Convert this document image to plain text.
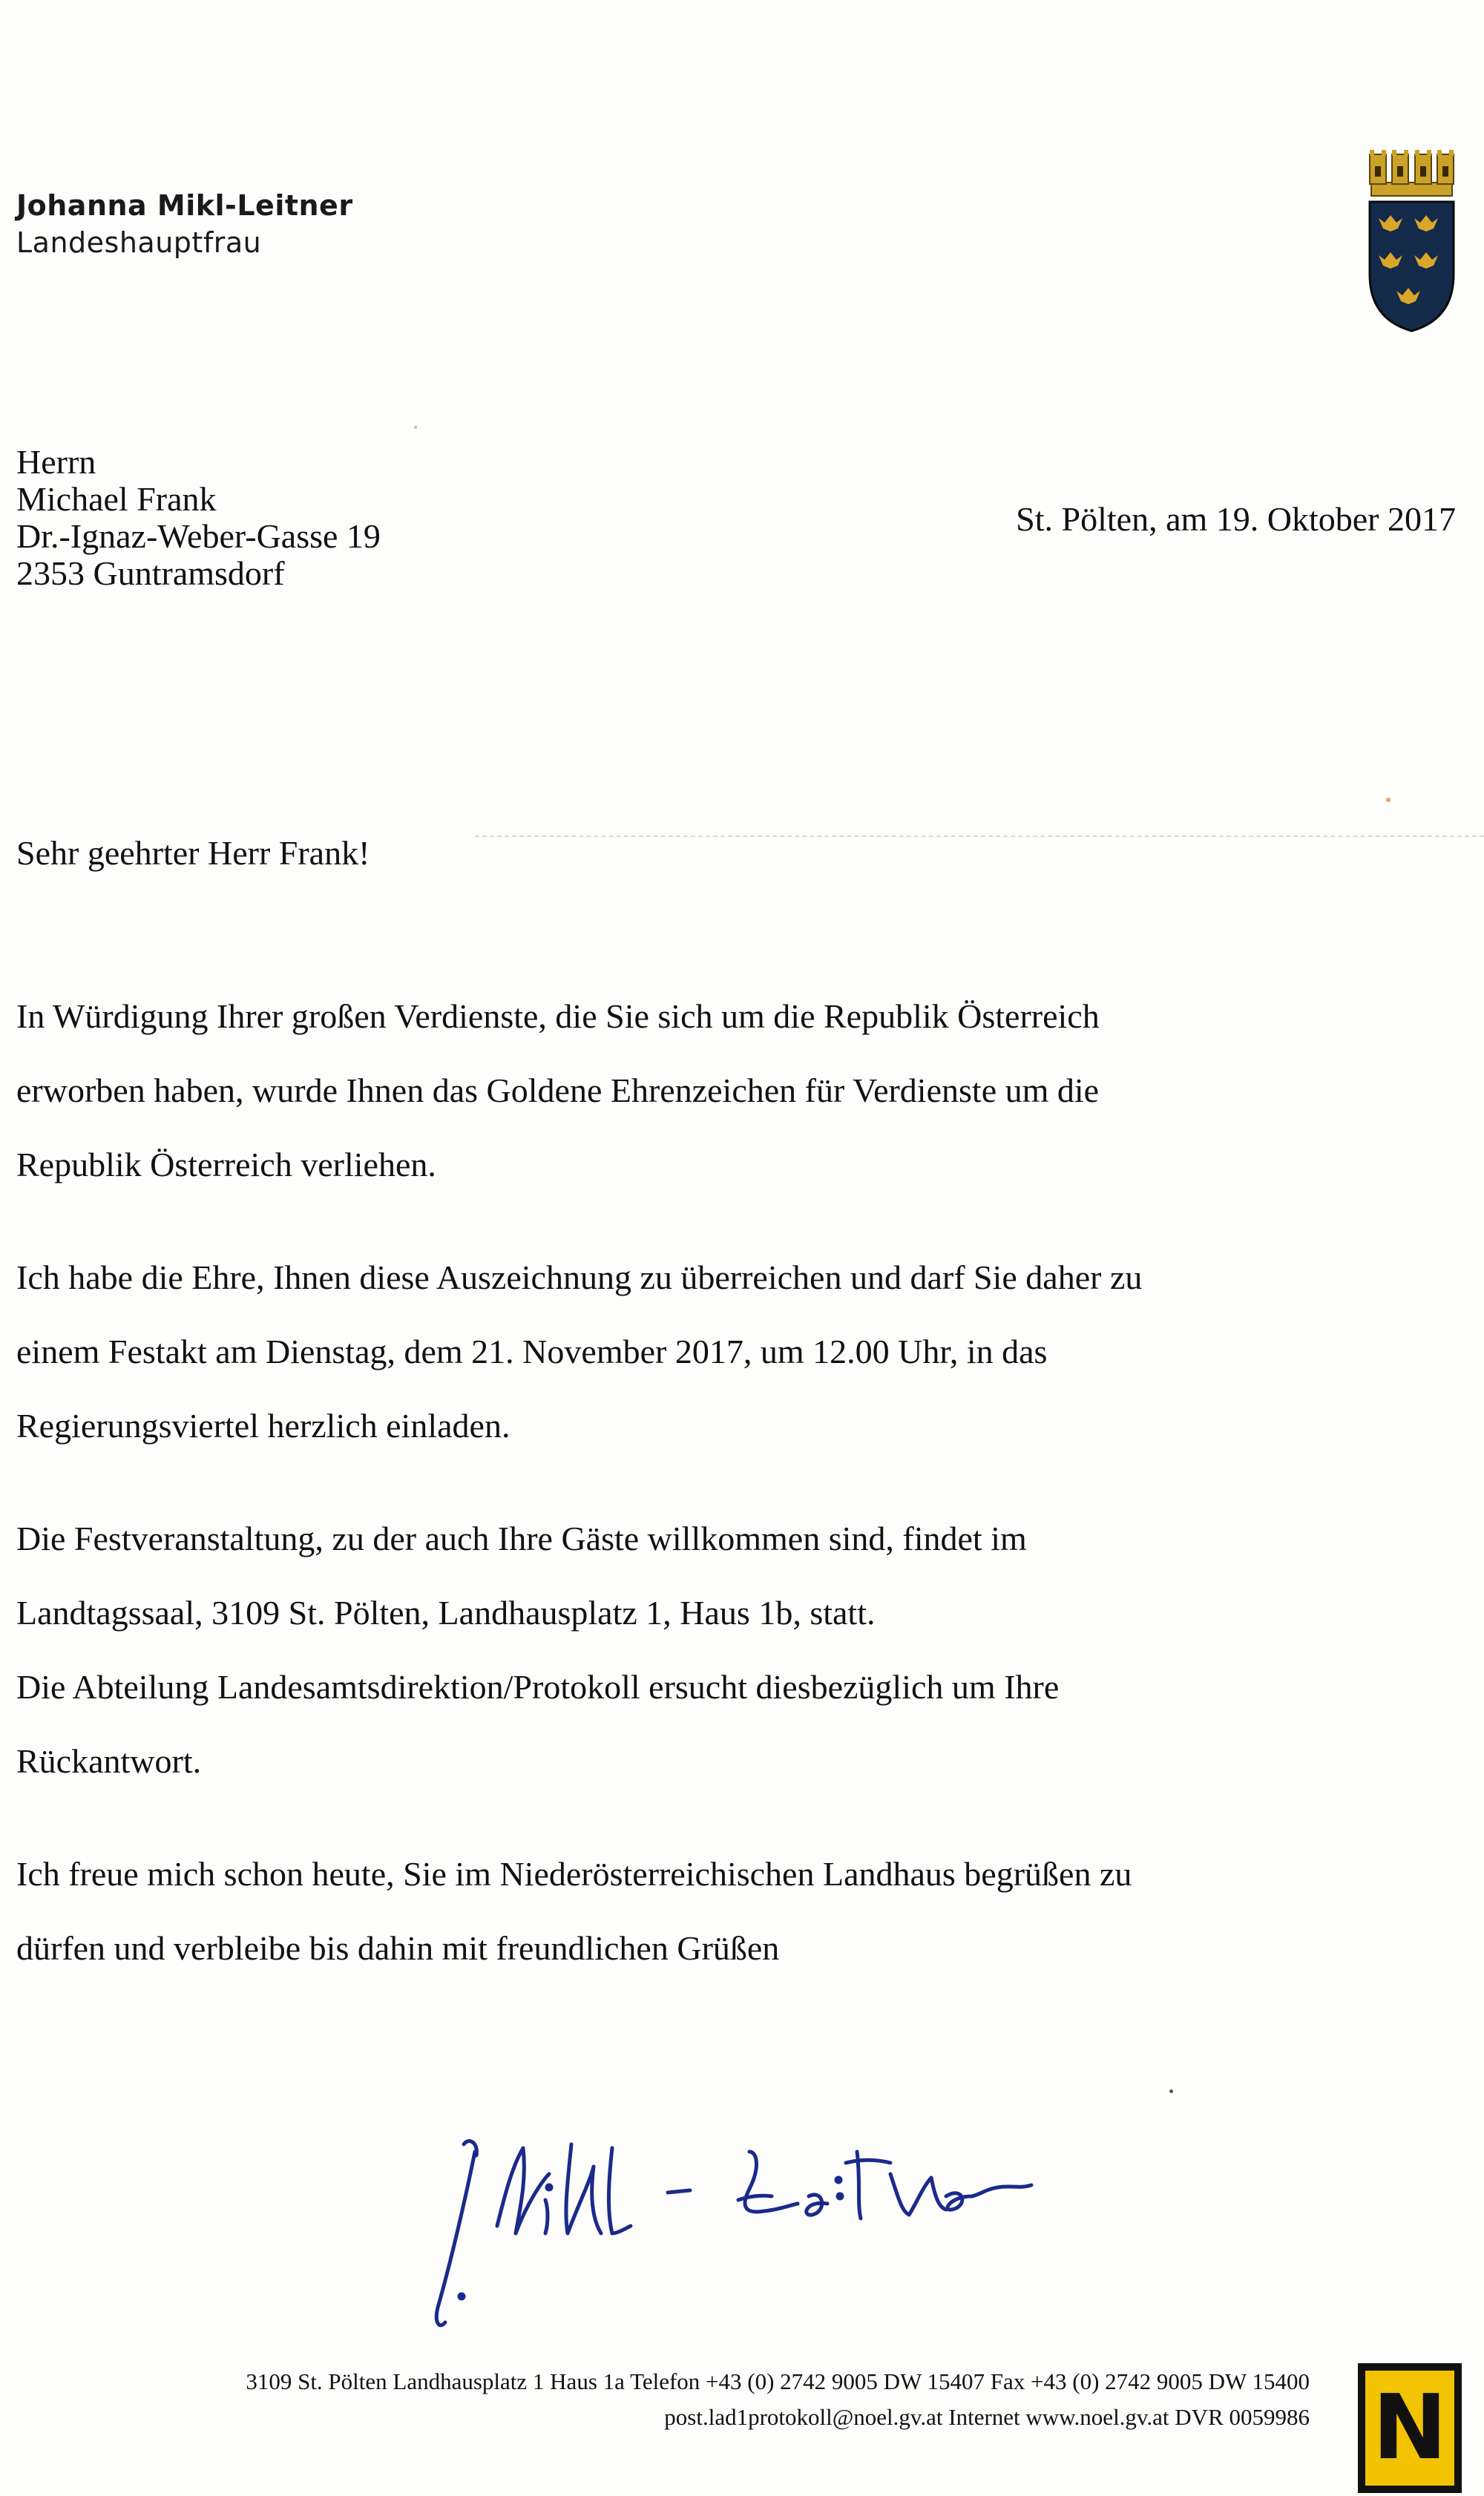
Johanna Mikl-Leitner
Landeshauptfrau
Herrn
Michael Frank
Dr.-Ignaz-Weber-Gasse 19
2353 Guntramsdorf
St. Pölten, am 19. Oktober 2017
Sehr geehrter Herr Frank!
In Würdigung Ihrer großen Verdienste, die Sie sich um die Republik Österreich
erworben haben, wurde Ihnen das Goldene Ehrenzeichen für Verdienste um die
Republik Österreich verliehen.
Ich habe die Ehre, Ihnen diese Auszeichnung zu überreichen und darf Sie daher zu
einem Festakt am Dienstag, dem 21. November 2017, um 12.00 Uhr, in das
Regierungsviertel herzlich einladen.
Die Festveranstaltung, zu der auch Ihre Gäste willkommen sind, findet im
Landtagssaal, 3109 St. Pölten, Landhausplatz 1, Haus 1b, statt.
Die Abteilung Landesamtsdirektion/Protokoll ersucht diesbezüglich um Ihre
Rückantwort.
Ich freue mich schon heute, Sie im Niederösterreichischen Landhaus begrüßen zu
dürfen und verbleibe bis dahin mit freundlichen Grüßen
3109 St. Pölten Landhausplatz 1 Haus 1a Telefon +43 (0) 2742 9005 DW 15407 Fax +43 (0) 2742 9005 DW 15400
post.lad1protokoll@noel.gv.at Internet www.noel.gv.at DVR 0059986 N
